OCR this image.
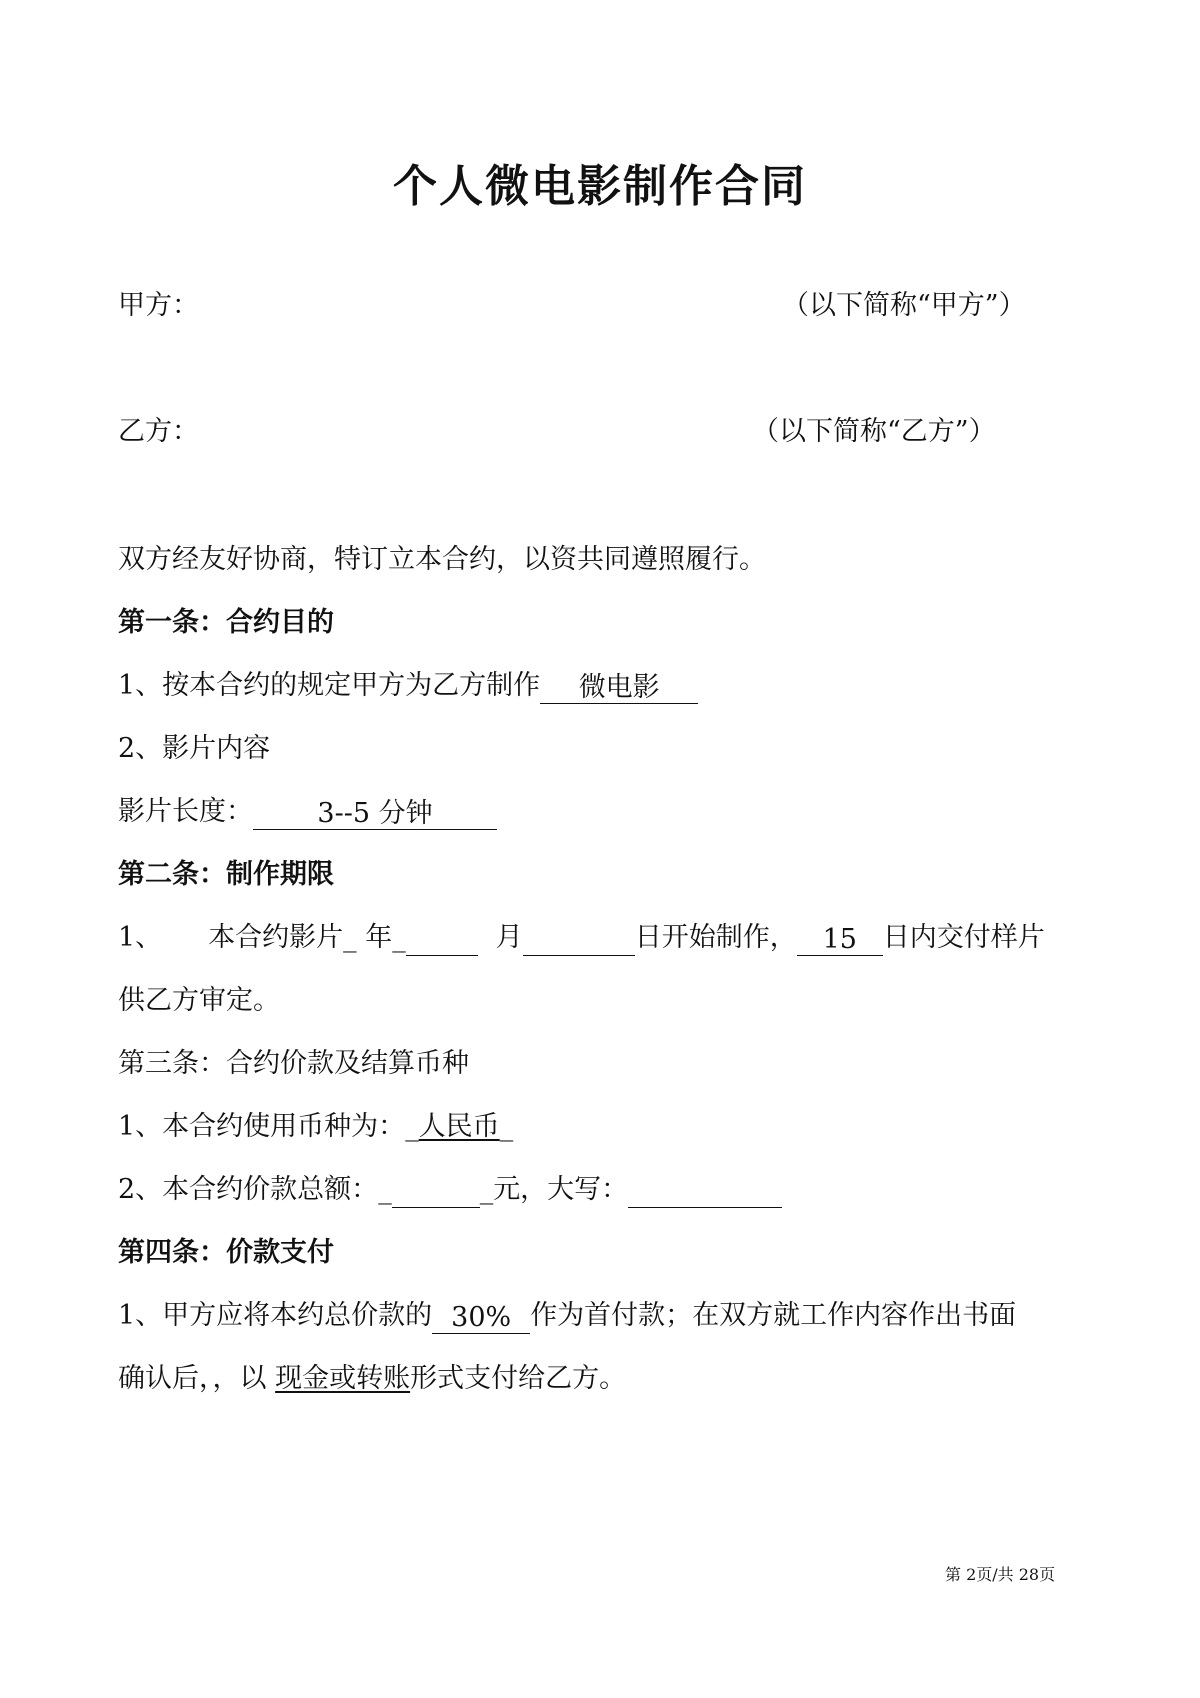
个人微电影制作合同
甲方：	（以下简称“甲方”）
乙方：	（以下简称“乙方”）
双方经友好协商，特订立本合约，以资共同遵照履行。
第一条：合约目的
1、按本合约的规定甲方为乙方制作 微电影
2、影片内容
影片长度： 3--5 分钟
第二条：制作期限
1、 本合约影片_ 年_	月	日开始制作， 15 日内交付样片
供乙方审定。
第三条：合约价款及结算币种
1、本合约使用币种为：_人民币_
2、本合约价款总额：_	_元，大写：
第四条：价款支付
1、甲方应将本约总价款的 30% 作为首付款；在双方就工作内容作出书面
确认后，，以 现金或转账形式支付给乙方。
第 2页/共 28页
